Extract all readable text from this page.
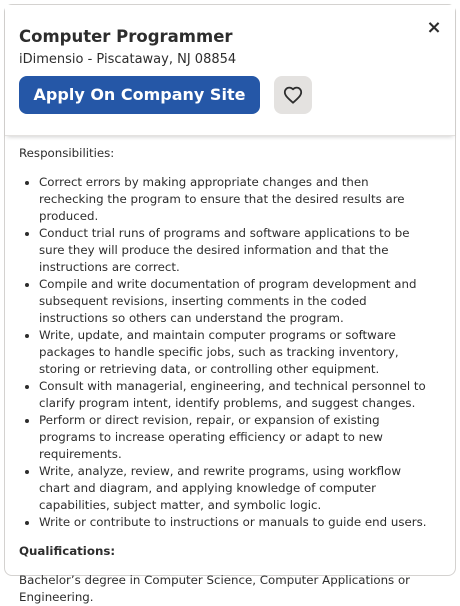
Computer Programmer
iDimensio - Piscataway, NJ 08854
×
Apply On Company Site

Responsibilities:

• Correct errors by making appropriate changes and then rechecking the program to ensure that the desired results are produced.
• Conduct trial runs of programs and software applications to be sure they will produce the desired information and that the instructions are correct.
• Compile and write documentation of program development and subsequent revisions, inserting comments in the coded instructions so others can understand the program.
• Write, update, and maintain computer programs or software packages to handle specific jobs, such as tracking inventory, storing or retrieving data, or controlling other equipment.
• Consult with managerial, engineering, and technical personnel to clarify program intent, identify problems, and suggest changes.
• Perform or direct revision, repair, or expansion of existing programs to increase operating efficiency or adapt to new requirements.
• Write, analyze, review, and rewrite programs, using workflow chart and diagram, and applying knowledge of computer capabilities, subject matter, and symbolic logic.
• Write or contribute to instructions or manuals to guide end users.

Qualifications:

Bachelor’s degree in Computer Science, Computer Applications or Engineering.
